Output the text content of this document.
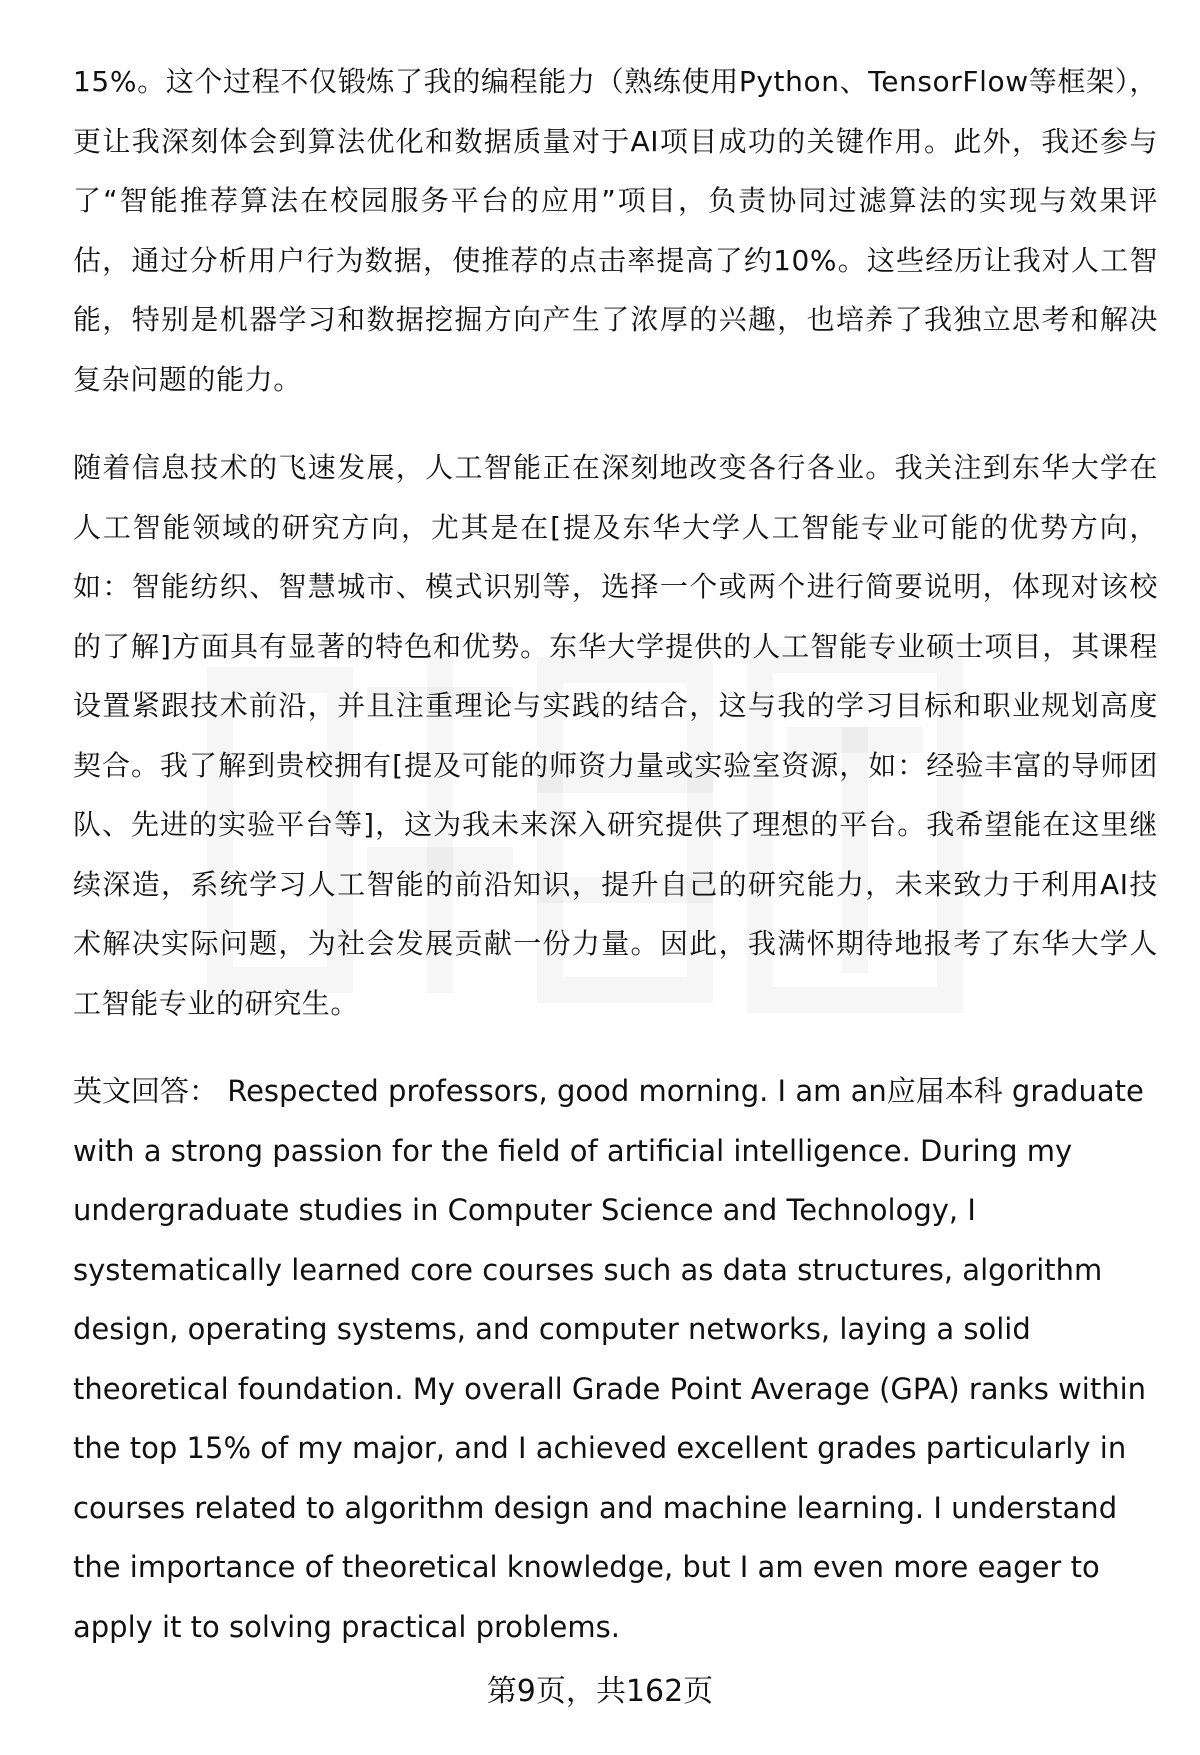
15%。这个过程不仅锻炼了我的编程能力（熟练使用Python、TensorFlow等框架），更让我深刻体会到算法优化和数据质量对于AI项目成功的关键作用。此外，我还参与了“智能推荐算法在校园服务平台的应用”项目，负责协同过滤算法的实现与效果评估，通过分析用户行为数据，使推荐的点击率提高了约10%。这些经历让我对人工智能，特别是机器学习和数据挖掘方向产生了浓厚的兴趣，也培养了我独立思考和解决复杂问题的能力。

随着信息技术的飞速发展，人工智能正在深刻地改变各行各业。我关注到东华大学在人工智能领域的研究方向，尤其是在[提及东华大学人工智能专业可能的优势方向，如：智能纺织、智慧城市、模式识别等，选择一个或两个进行简要说明，体现对该校的了解]方面具有显著的特色和优势。东华大学提供的人工智能专业硕士项目，其课程设置紧跟技术前沿，并且注重理论与实践的结合，这与我的学习目标和职业规划高度契合。我了解到贵校拥有[提及可能的师资力量或实验室资源，如：经验丰富的导师团队、先进的实验平台等]，这为我未来深入研究提供了理想的平台。我希望能在这里继续深造，系统学习人工智能的前沿知识，提升自己的研究能力，未来致力于利用AI技术解决实际问题，为社会发展贡献一份力量。因此，我满怀期待地报考了东华大学人工智能专业的研究生。

英文回答： Respected professors, good morning. I am an应届本科 graduate with a strong passion for the field of artificial intelligence. During my undergraduate studies in Computer Science and Technology, I systematically learned core courses such as data structures, algorithm design, operating systems, and computer networks, laying a solid theoretical foundation. My overall Grade Point Average (GPA) ranks within the top 15% of my major, and I achieved excellent grades particularly in courses related to algorithm design and machine learning. I understand the importance of theoretical knowledge, but I am even more eager to apply it to solving practical problems.

第9页，共162页
